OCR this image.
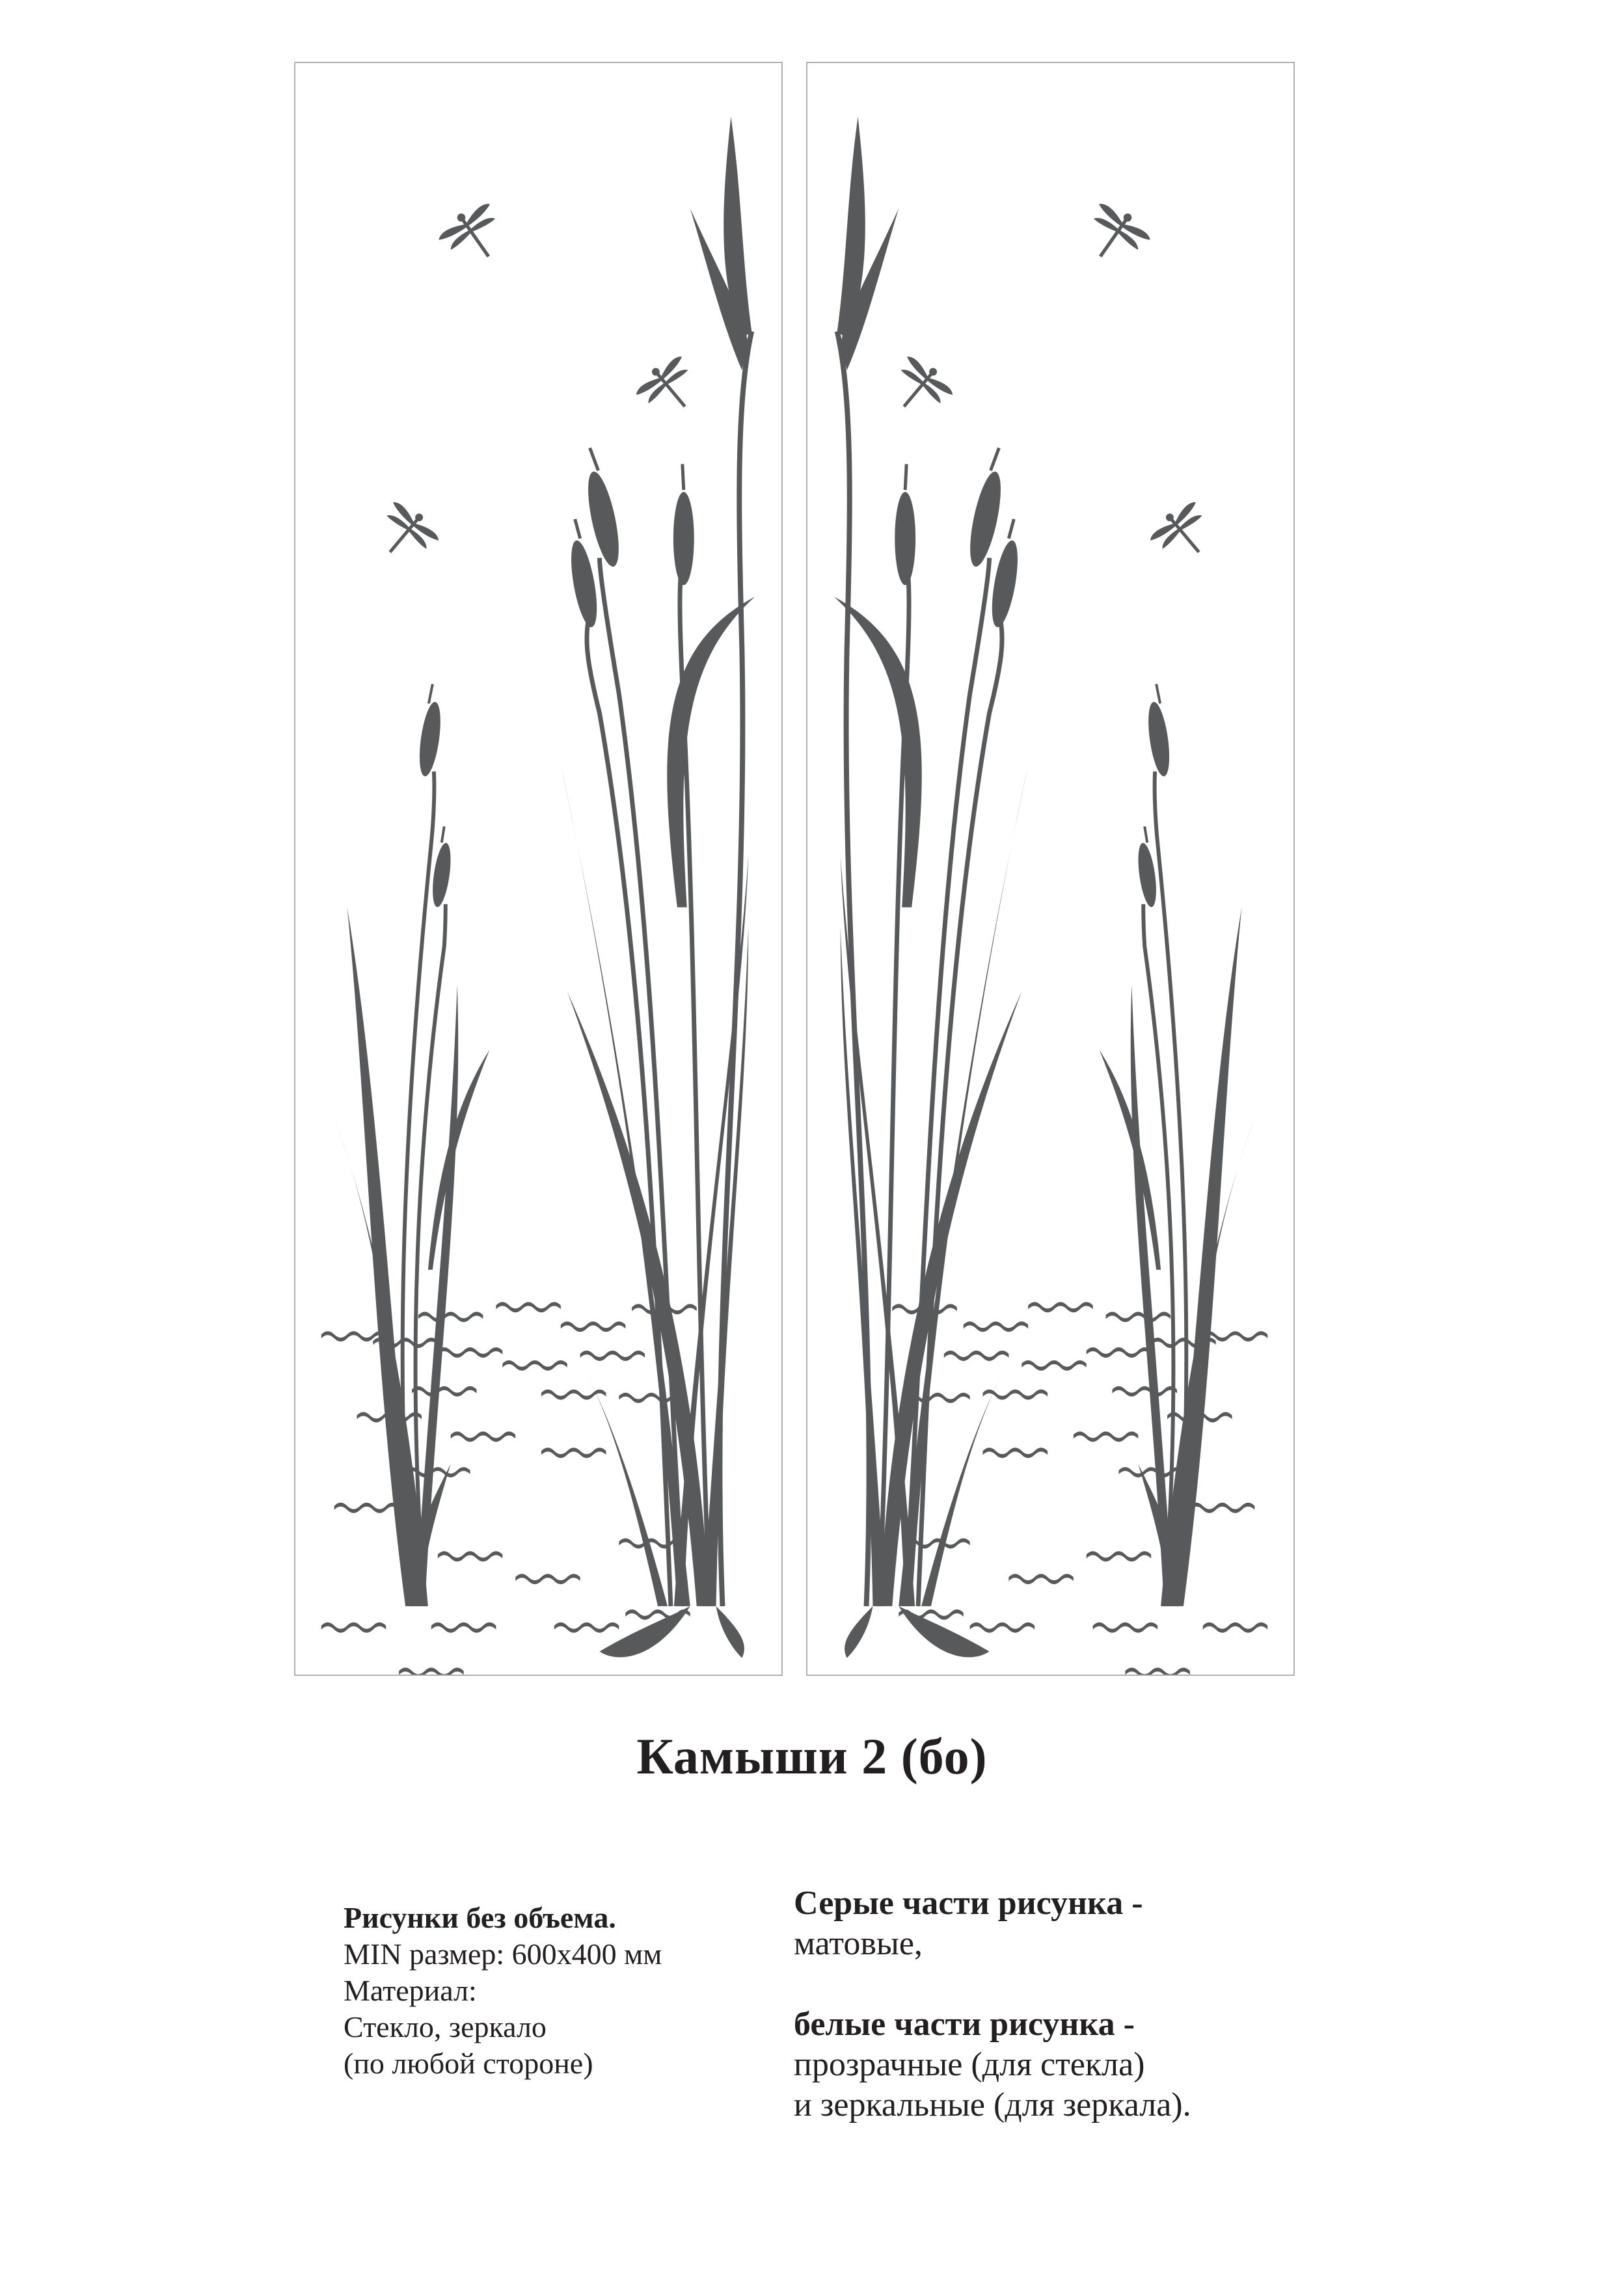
Камыши 2 (бо)
Рисунки без объема.
MIN размер: 600х400 мм
Материал:
Стекло, зеркало
(по любой стороне)
Серые части рисунка -
матовые,
белые части рисунка -
прозрачные (для стекла)
и зеркальные (для зеркала).
